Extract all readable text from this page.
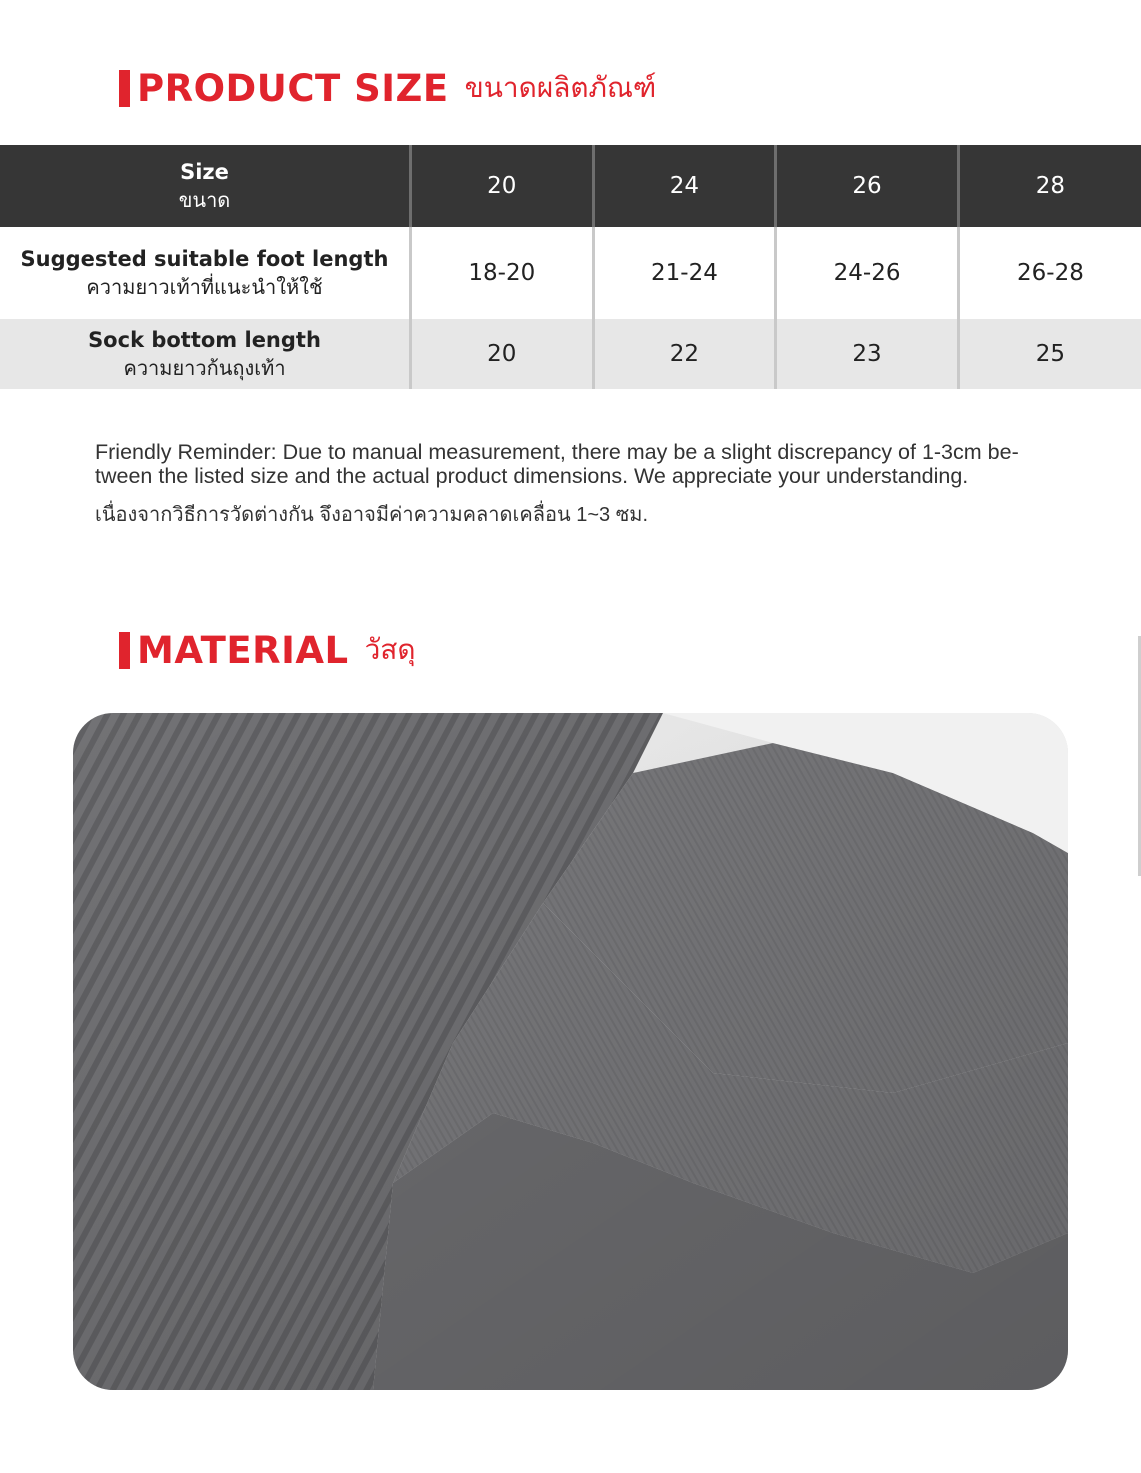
PRODUCT SIZE ขนาดผลิตภัณฑ์
Size
ขนาด	20	24	26	28

Suggested suitable foot length
ความยาวเท้าที่แนะนำให้ใช้	18-20	21-24	24-26	26-28

Sock bottom length
ความยาวก้นถุงเท้า	20	22	23	25

Friendly Reminder: Due to manual measurement, there may be a slight discrepancy of 1-3cm be-tween the listed size and the actual product dimensions. We appreciate your understanding.

เนื่องจากวิธีการวัดต่างกัน จึงอาจมีค่าความคลาดเคลื่อน 1~3 ซม.

MATERIAL วัสดุ
